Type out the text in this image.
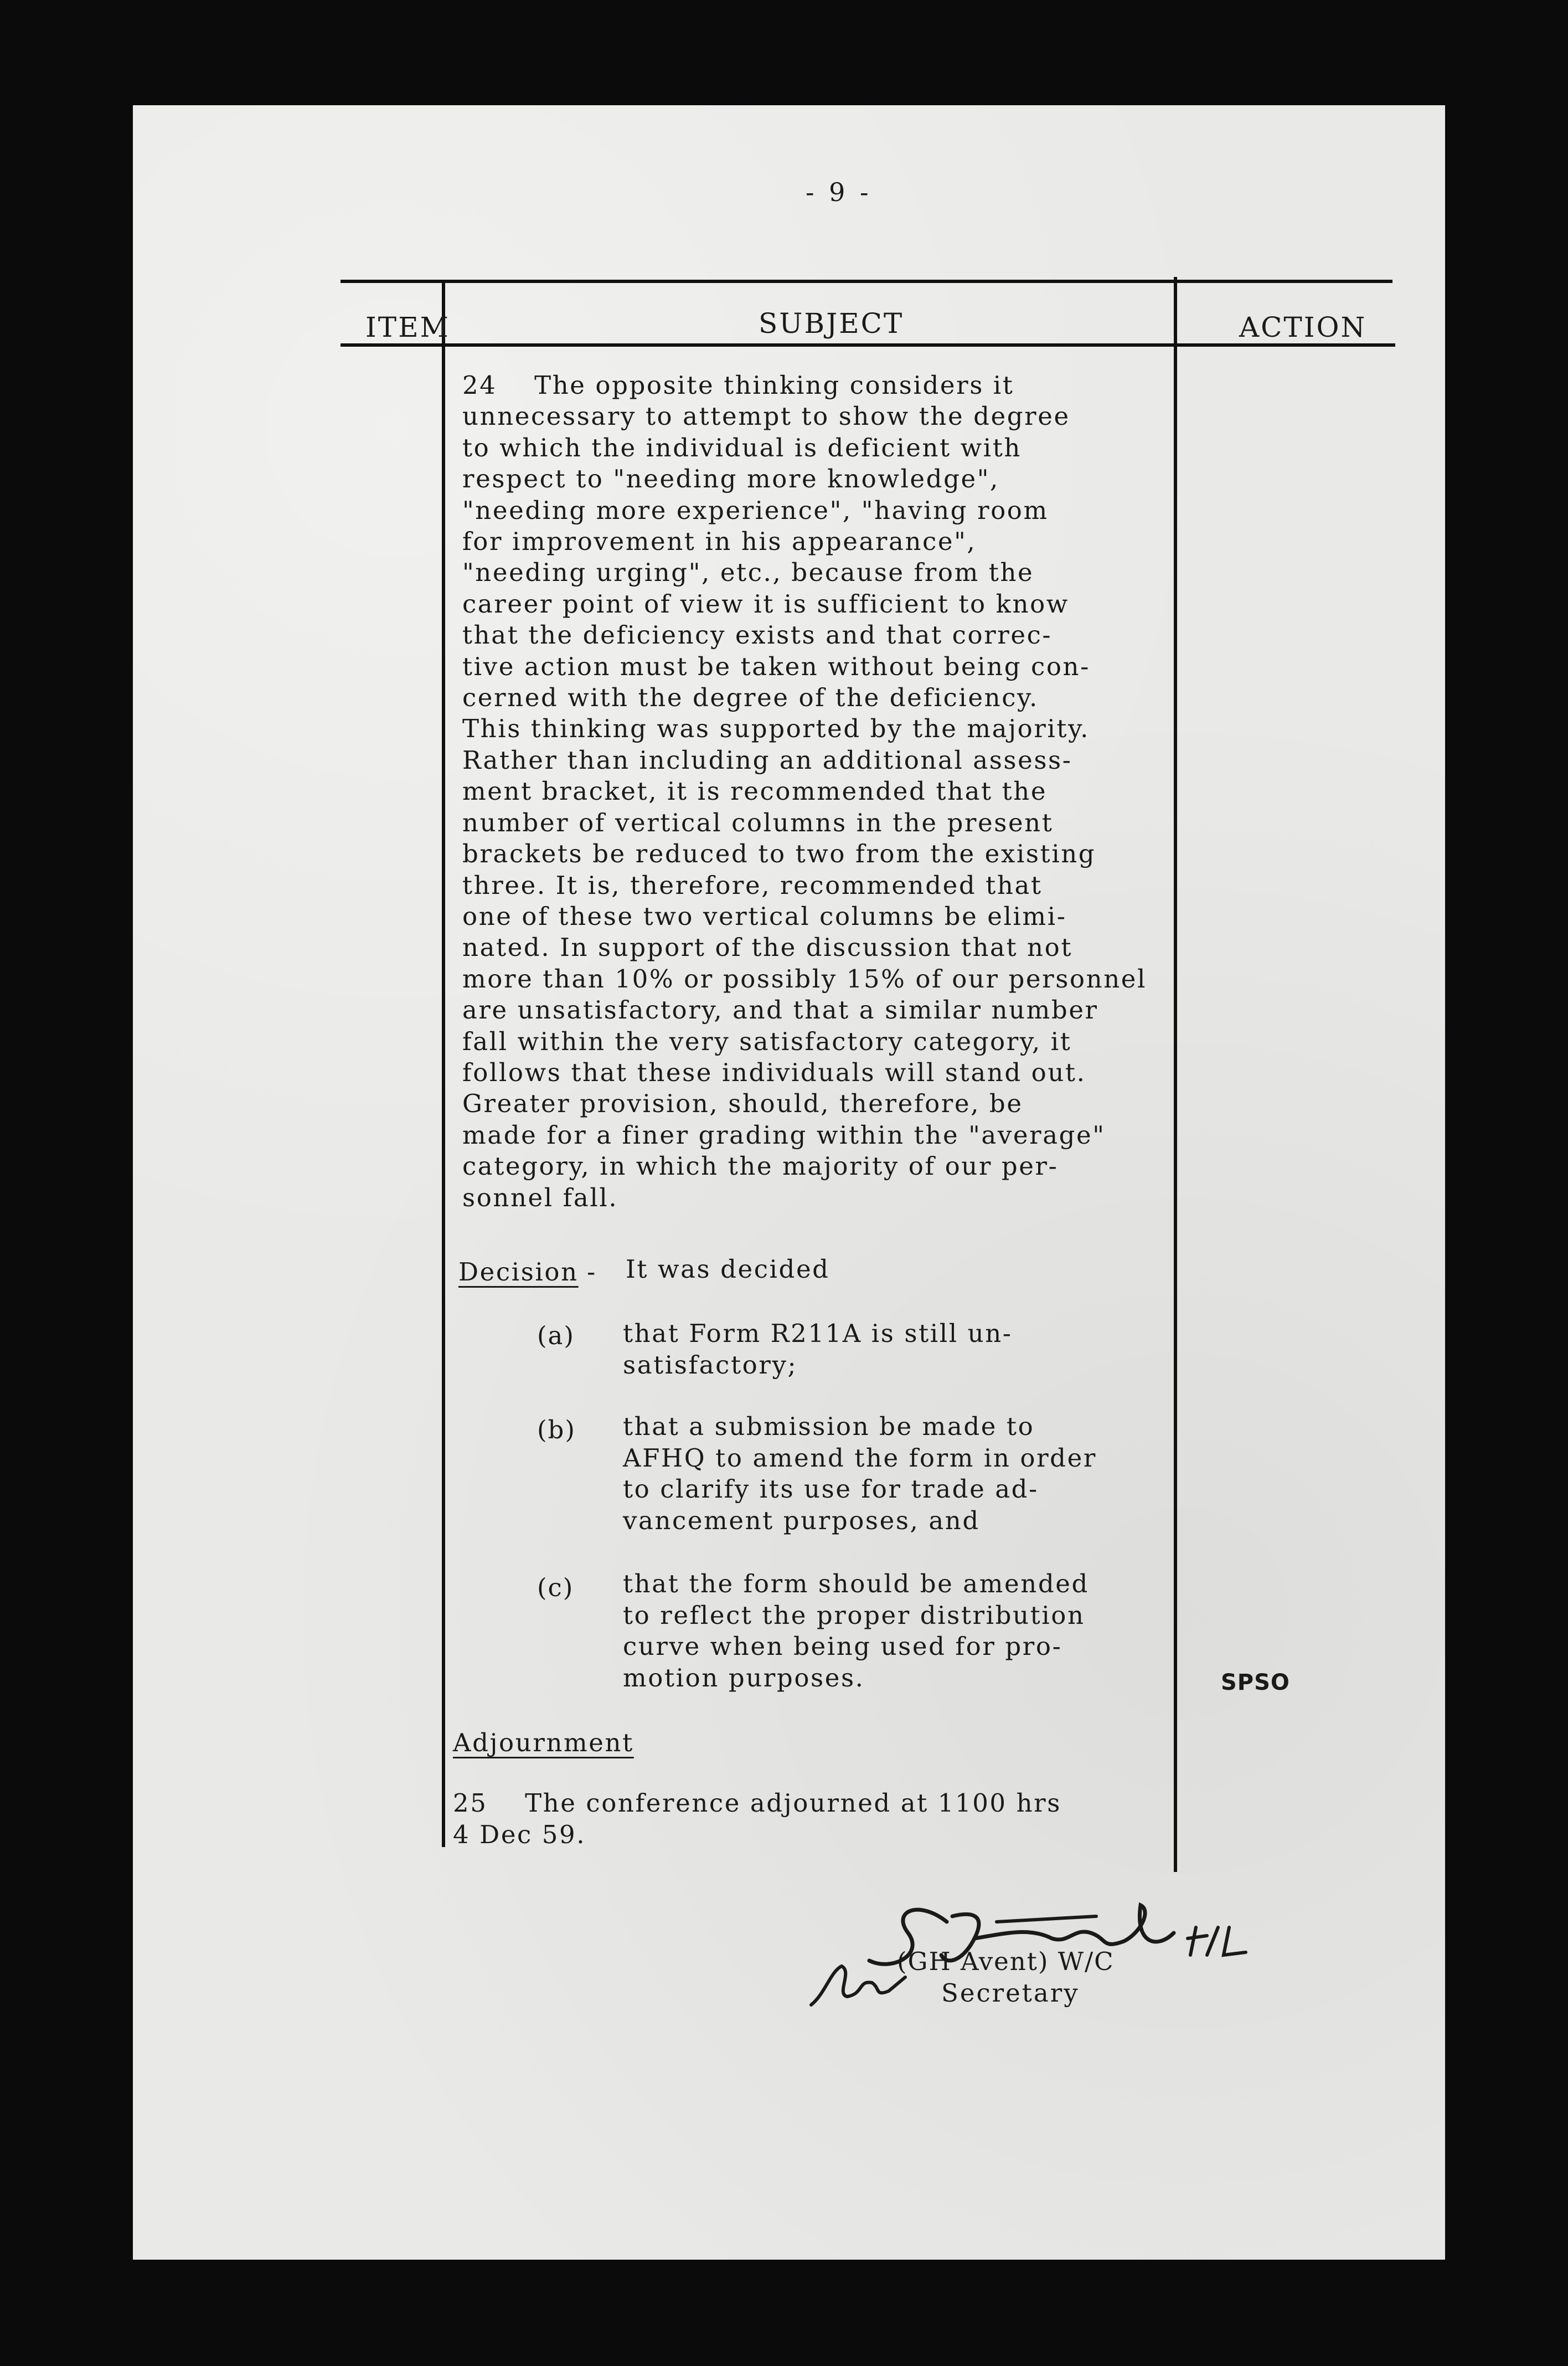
- 9 -
ITEM	SUBJECT	ACTION
24    The opposite thinking considers it
unnecessary to attempt to show the degree
to which the individual is deficient with
respect to "needing more knowledge",
"needing more experience", "having room
for improvement in his appearance",
"needing urging", etc., because from the
career point of view it is sufficient to know
that the deficiency exists and that correc-
tive action must be taken without being con-
cerned with the degree of the deficiency.
This thinking was supported by the majority.
Rather than including an additional assess-
ment bracket, it is recommended that the
number of vertical columns in the present
brackets be reduced to two from the existing
three. It is, therefore, recommended that
one of these two vertical columns be elimi-
nated. In support of the discussion that not
more than 10% or possibly 15% of our personnel
are unsatisfactory, and that a similar number
fall within the very satisfactory category, it
follows that these individuals will stand out.
Greater provision, should, therefore, be
made for a finer grading within the "average"
category, in which the majority of our per-
sonnel fall.
Decision - It was decided
(a) that Form R211A is still un-
satisfactory;
(b) that a submission be made to
AFHQ to amend the form in order
to clarify its use for trade ad-
vancement purposes, and
(c) that the form should be amended
to reflect the proper distribution
curve when being used for pro-
motion purposes.	SPSO
Adjournment
25    The conference adjourned at 1100 hrs
4 Dec 59.
(GH Avent) W/C
Secretary
